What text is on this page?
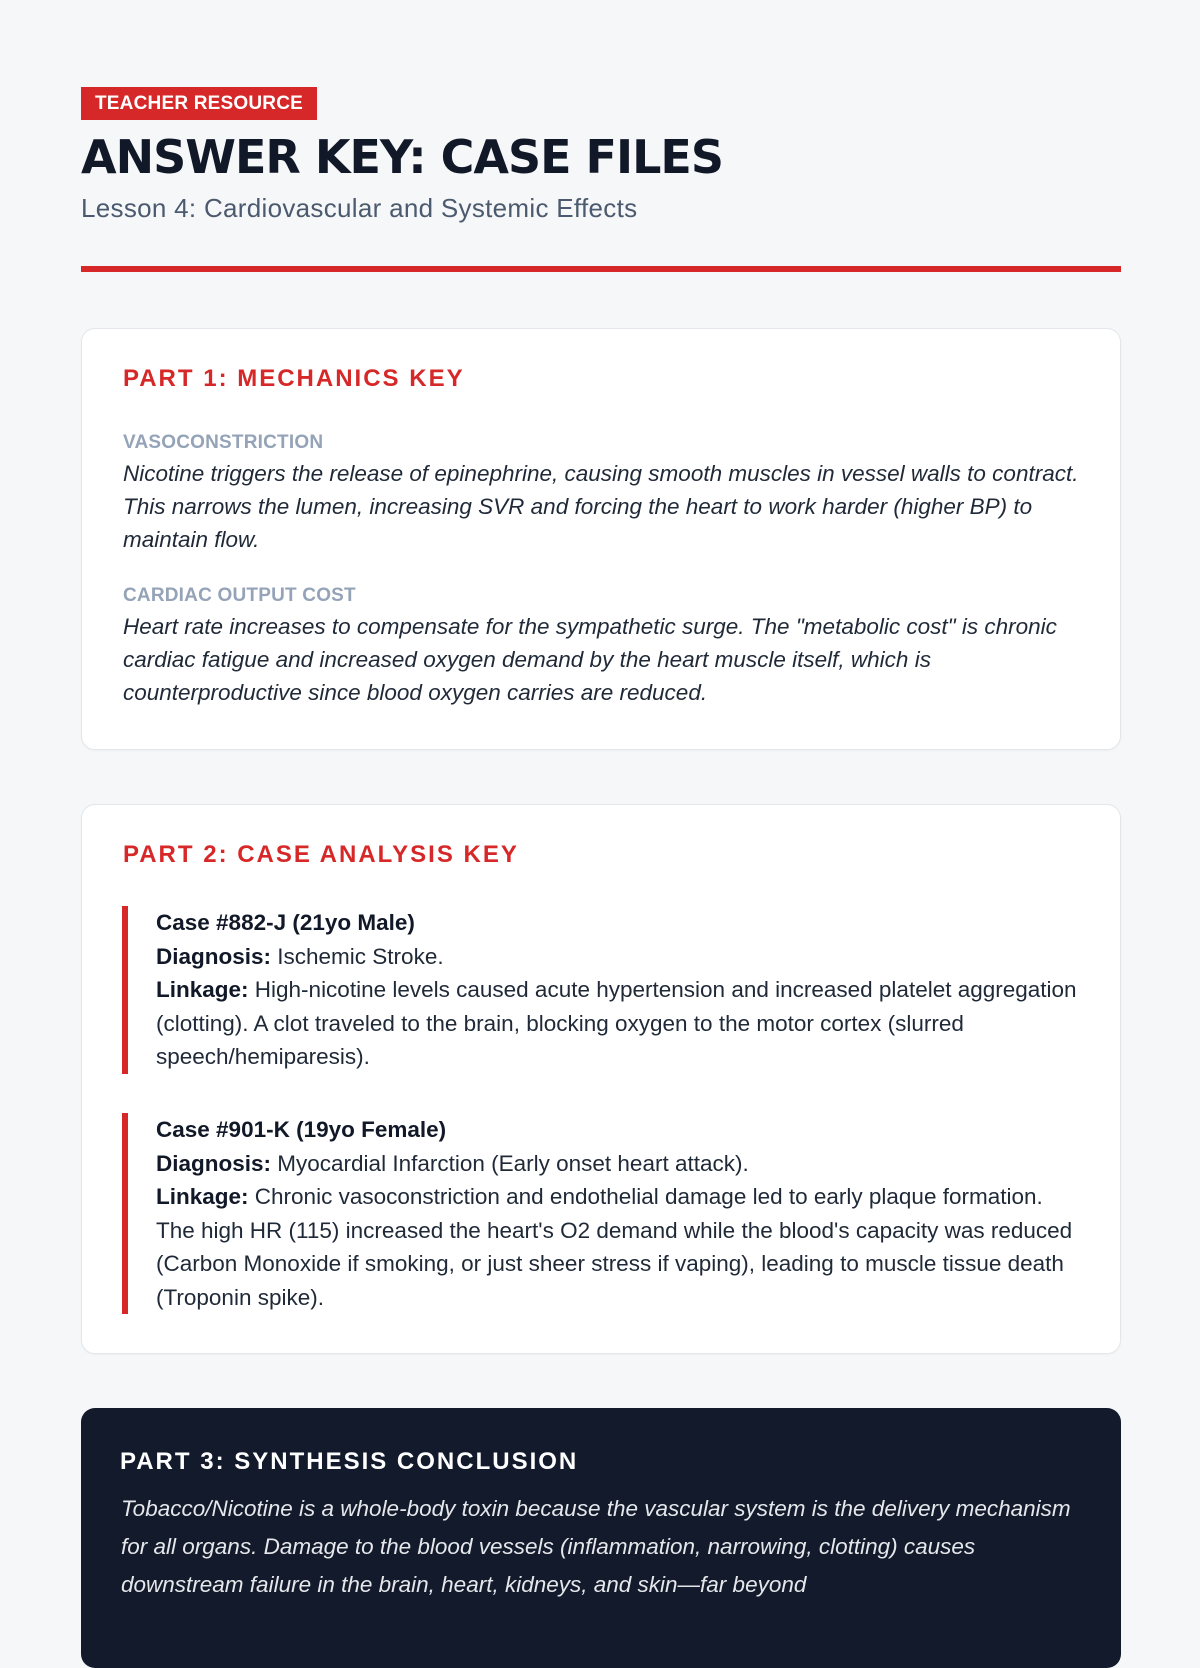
TEACHER RESOURCE
ANSWER KEY: CASE FILES

Lesson 4: Cardiovascular and Systemic Effects

PART 1: MECHANICS KEY
VASOCONSTRICTION

Nicotine triggers the release of epinephrine, causing smooth muscles in vessel walls to contract. This narrows the lumen, increasing SVR and forcing the heart to work harder (higher BP) to maintain flow.

CARDIAC OUTPUT COST

Heart rate increases to compensate for the sympathetic surge. The "metabolic cost" is chronic cardiac fatigue and increased oxygen demand by the heart muscle itself, which is counterproductive since blood oxygen carries are reduced.

PART 2: CASE ANALYSIS KEY
Case #882-J (21yo Male)
Diagnosis: Ischemic Stroke.
Linkage: High-nicotine levels caused acute hypertension and increased platelet aggregation (clotting). A clot traveled to the brain, blocking oxygen to the motor cortex (slurred speech/hemiparesis).
Case #901-K (19yo Female)
Diagnosis: Myocardial Infarction (Early onset heart attack).
Linkage: Chronic vasoconstriction and endothelial damage led to early plaque formation. The high HR (115) increased the heart's O2 demand while the blood's capacity was reduced (Carbon Monoxide if smoking, or just sheer stress if vaping), leading to muscle tissue death (Troponin spike).
PART 3: SYNTHESIS CONCLUSION

Tobacco/Nicotine is a whole-body toxin because the vascular system is the delivery mechanism for all organs. Damage to the blood vessels (inflammation, narrowing, clotting) causes downstream failure in the brain, heart, kidneys, and skin—far beyond
